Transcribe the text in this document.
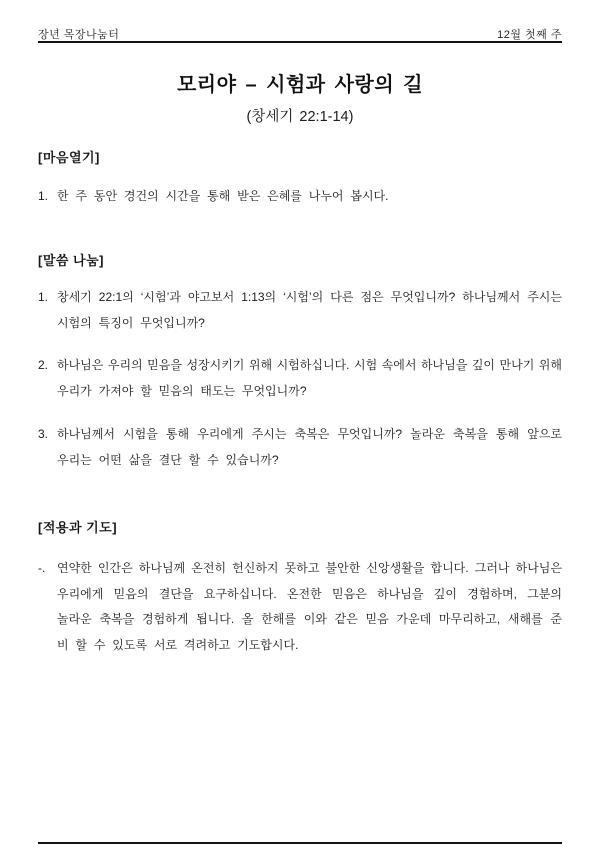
장년 목장나눔터	12월 첫째 주
모리야 – 시험과 사랑의 길
(창세기 22:1-14)
[마음열기]
1. 한 주 동안 경건의 시간을 통해 받은 은혜를 나누어 봅시다.
[말씀 나눔]
1. 창세기 22:1의 ‘시험’과 야고보서 1:13의 ‘시험’의 다른 점은 무엇입니까? 하나님께서 주시는
시험의 특징이 무엇입니까?
2. 하나님은 우리의 믿음을 성장시키기 위해 시험하십니다. 시험 속에서 하나님을 깊이 만나기 위해
우리가 가져야 할 믿음의 태도는 무엇입니까?
3. 하나님께서 시험을 통해 우리에게 주시는 축복은 무엇입니까? 놀라운 축복을 통해 앞으로
우리는 어떤 삶을 결단 할 수 있습니까?
[적용과 기도]
-. 연약한 인간은 하나님께 온전히 헌신하지 못하고 불안한 신앙생활을 합니다. 그러나 하나님은
우리에게 믿음의 결단을 요구하십니다. 온전한 믿음은 하나님을 깊이 경험하며, 그분의
놀라운 축복을 경험하게 됩니다. 올 한해를 이와 같은 믿음 가운데 마무리하고, 새해를 준
비 할 수 있도록 서로 격려하고 기도합시다.
